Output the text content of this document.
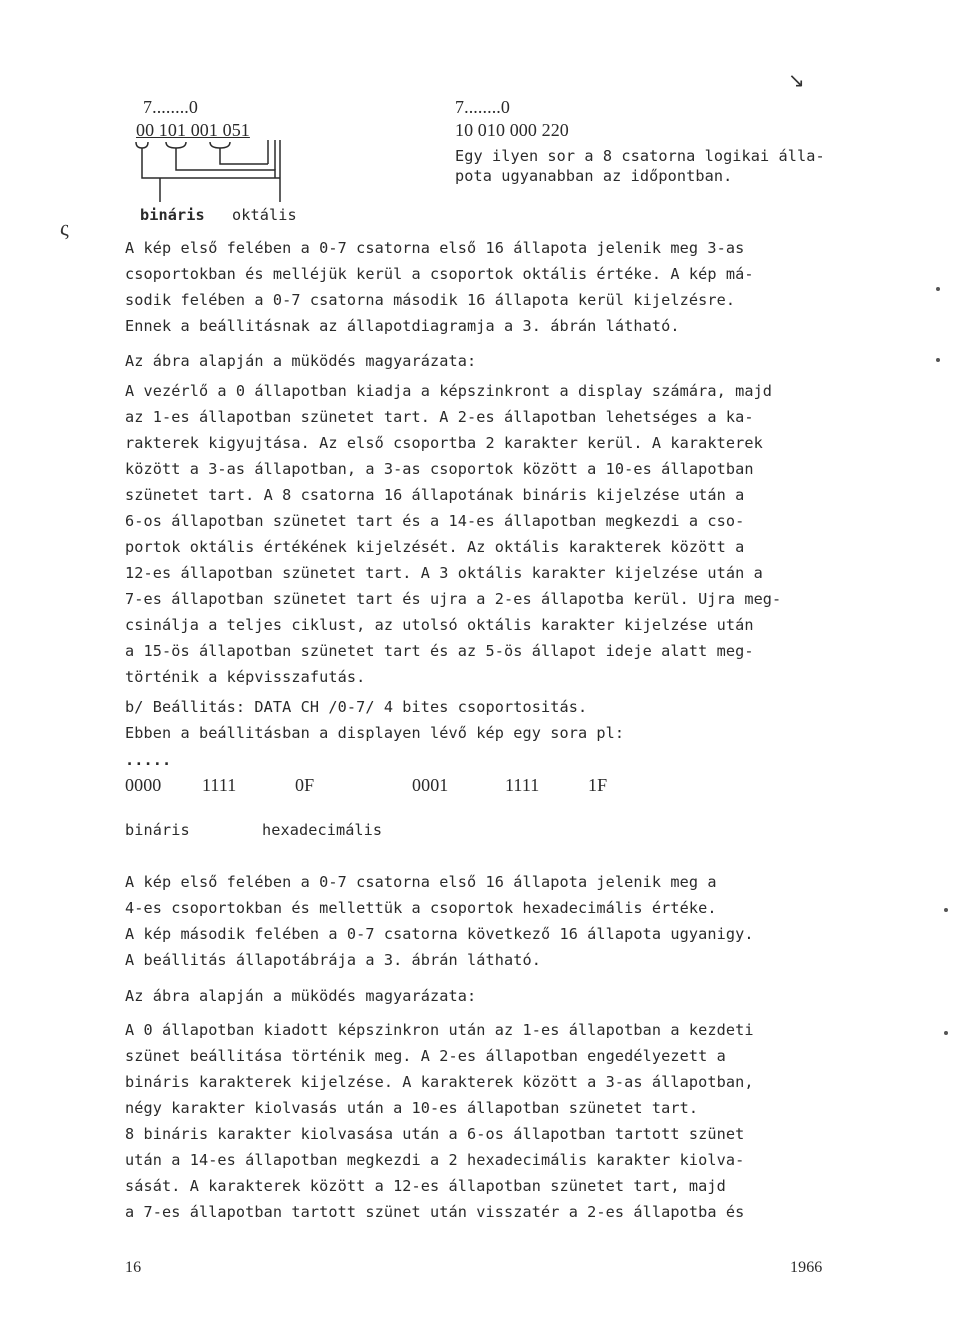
7........0
00 101 001 051
bináris oktális
7........0
10 010 000 220
Egy ilyen sor a 8 csatorna logikai álla-
pota ugyanabban az időpontban.
ς
↘
A kép első felében a 0-7 csatorna első 16 állapota jelenik meg 3-as
csoportokban és melléjük kerül a csoportok oktális értéke. A kép má-
sodik felében a 0-7 csatorna második 16 állapota kerül kijelzésre.
Ennek a beállitásnak az állapotdiagramja a 3. ábrán látható.
Az ábra alapján a müködés magyarázata:
A vezérlő a 0 állapotban kiadja a képszinkront a display számára, majd
az 1-es állapotban szünetet tart. A 2-es állapotban lehetséges a ka-
rakterek kigyujtása. Az első csoportba 2 karakter kerül. A karakterek
között a 3-as állapotban, a 3-as csoportok között a 10-es állapotban
szünetet tart. A 8 csatorna 16 állapotának bináris kijelzése után a
6-os állapotban szünetet tart és a 14-es állapotban megkezdi a cso-
portok oktális értékének kijelzését. Az oktális karakterek között a
12-es állapotban szünetet tart. A 3 oktális karakter kijelzése után a
7-es állapotban szünetet tart és ujra a 2-es állapotba kerül. Ujra meg-
csinálja a teljes ciklust, az utolsó oktális karakter kijelzése után
a 15-ös állapotban szünetet tart és az 5-ös állapot ideje alatt meg-
történik a képvisszafutás.
b/ Beállitás: DATA CH /0-7/ 4 bites csoportositás.
Ebben a beállitásban a displayen lévő kép egy sora pl:
.....
0000 1111	0F	0001	1111	1F
bináris	hexadecimális
A kép első felében a 0-7 csatorna első 16 állapota jelenik meg a
4-es csoportokban és mellettük a csoportok hexadecimális értéke.
A kép második felében a 0-7 csatorna következő 16 állapota ugyanigy.
A beállitás állapotábrája a 3. ábrán látható.
Az ábra alapján a müködés magyarázata:
A 0 állapotban kiadott képszinkron után az 1-es állapotban a kezdeti
szünet beállitása történik meg. A 2-es állapotban engedélyezett a
bináris karakterek kijelzése. A karakterek között a 3-as állapotban,
négy karakter kiolvasás után a 10-es állapotban szünetet tart.
8 bináris karakter kiolvasása után a 6-os állapotban tartott szünet
után a 14-es állapotban megkezdi a 2 hexadecimális karakter kiolva-
sását. A karakterek között a 12-es állapotban szünetet tart, majd
a 7-es állapotban tartott szünet után visszatér a 2-es állapotba és
16	1966
